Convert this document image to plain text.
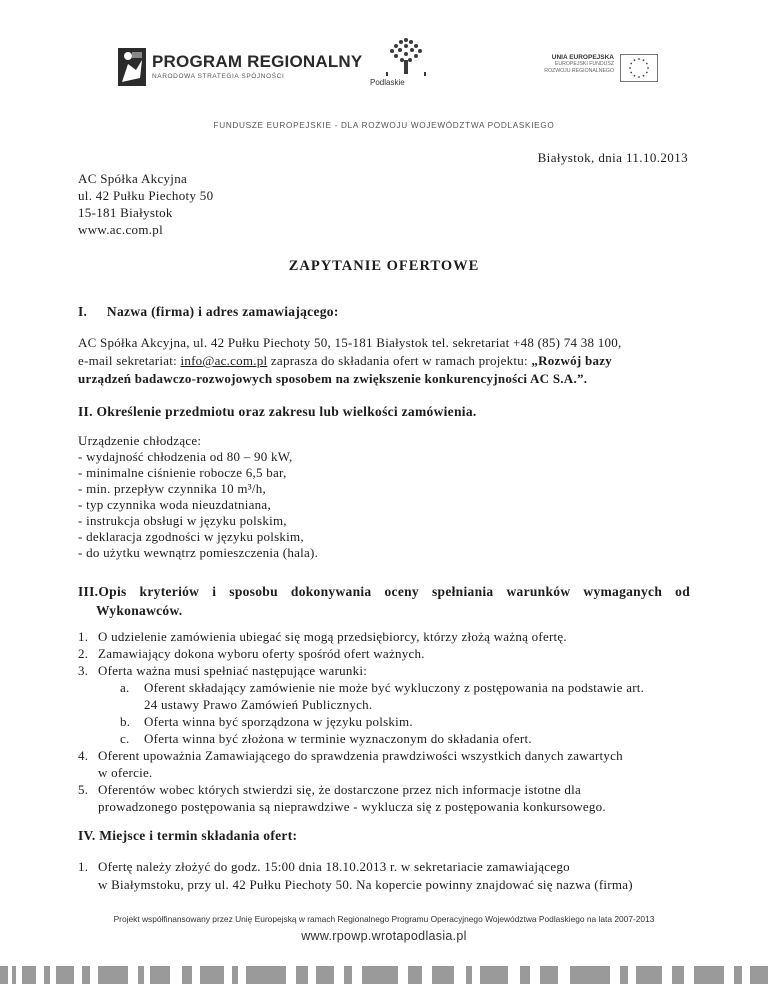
PROGRAM REGIONALNY
NARODOWA STRATEGIA SPÓJNOŚCI
Podlaskie
UNIA EUROPEJSKA
EUROPEJSKI FUNDUSZ
ROZWOJU REGIONALNEGO
FUNDUSZE EUROPEJSKIE - DLA ROZWOJU WOJEWÓDZTWA PODLASKIEGO
Białystok, dnia 11.10.2013
AC Spółka Akcyjna
ul. 42 Pułku Piechoty 50
15-181 Białystok
www.ac.com.pl
ZAPYTANIE OFERTOWE
I. Nazwa (firma) i adres zamawiającego:
AC Spółka Akcyjna, ul. 42 Pułku Piechoty 50, 15-181 Białystok tel. sekretariat +48 (85) 74 38 100,
e-mail sekretariat: info@ac.com.pl zaprasza do składania ofert w ramach projektu: „Rozwój bazy
urządzeń badawczo-rozwojowych sposobem na zwiększenie konkurencyjności AC S.A.”.
II. Określenie przedmiotu oraz zakresu lub wielkości zamówienia.
Urządzenie chłodzące:
- wydajność chłodzenia od 80 – 90 kW,
- minimalne ciśnienie robocze 6,5 bar,
- min. przepływ czynnika 10 m³/h,
- typ czynnika woda nieuzdatniana,
- instrukcja obsługi w języku polskim,
- deklaracja zgodności w języku polskim,
- do użytku wewnątrz pomieszczenia (hala).
III.Opis kryteriów i sposobu dokonywania oceny spełniania warunków wymaganych od
Wykonawców.
1. O udzielenie zamówienia ubiegać się mogą przedsiębiorcy, którzy złożą ważną ofertę.
2. Zamawiający dokona wyboru oferty spośród ofert ważnych.
3. Oferta ważna musi spełniać następujące warunki:
a. Oferent składający zamówienie nie może być wykluczony z postępowania na podstawie art.
24 ustawy Prawo Zamówień Publicznych.
b. Oferta winna być sporządzona w języku polskim.
c. Oferta winna być złożona w terminie wyznaczonym do składania ofert.
4. Oferent upoważnia Zamawiającego do sprawdzenia prawdziwości wszystkich danych zawartych
w ofercie.
5. Oferentów wobec których stwierdzi się, że dostarczone przez nich informacje istotne dla
prowadzonego postępowania są nieprawdziwe - wyklucza się z postępowania konkursowego.
IV. Miejsce i termin składania ofert:
1. Ofertę należy złożyć do godz. 15:00 dnia 18.10.2013 r. w sekretariacie zamawiającego
w Białymstoku, przy ul. 42 Pułku Piechoty 50. Na kopercie powinny znajdować się nazwa (firma)
Projekt współfinansowany przez Unię Europejską w ramach Regionalnego Programu Operacyjnego Województwa Podlaskiego na lata 2007-2013
www.rpowp.wrotapodlasia.pl
